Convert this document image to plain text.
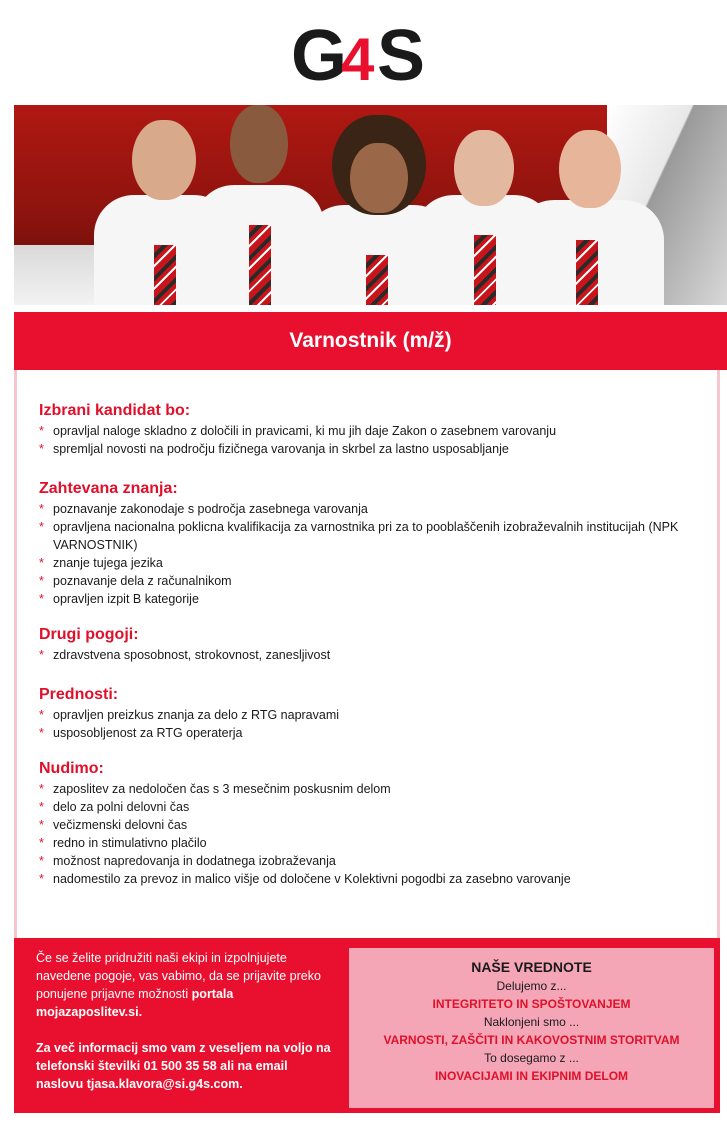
G
4 S
Varnostnik (m/ž)
Izbrani kandidat bo:
* opravljal naloge skladno z določili in pravicami, ki mu jih daje Zakon o zasebnem varovanju
* spremljal novosti na področju fizičnega varovanja in skrbel za lastno usposabljanje
Zahtevana znanja:
* poznavanje zakonodaje s področja zasebnega varovanja
* opravljena nacionalna poklicna kvalifikacija za varnostnika pri za to pooblaščenih izobraževalnih institucijah (NPK VARNOSTNIK)
* znanje tujega jezika
* poznavanje dela z računalnikom
* opravljen izpit B kategorije
Drugi pogoji:
* zdravstvena sposobnost, strokovnost, zanesljivost
Prednosti:
* opravljen preizkus znanja za delo z RTG napravami
* usposobljenost za RTG operaterja
Nudimo:
* zaposlitev za nedoločen čas s 3 mesečnim poskusnim delom
* delo za polni delovni čas
* večizmenski delovni čas
* redno in stimulativno plačilo
* možnost napredovanja in dodatnega izobraževanja
* nadomestilo za prevoz in malico višje od določene v Kolektivni pogodbi za zasebno varovanje
Če se želite pridružiti naši ekipi in izpolnjujete navedene pogoje, vas vabimo, da se prijavite preko ponujene prijavne možnosti portala mojazaposlitev.si.
Za več informacij smo vam z veseljem na voljo na telefonski številki 01 500 35 58 ali na email naslovu tjasa.klavora@si.g4s.com.
NAŠE VREDNOTE
Delujemo z...
INTEGRITETO IN SPOŠTOVANJEM
Naklonjeni smo ...
VARNOSTI, ZAŠČITI IN KAKOVOSTNIM STORITVAM
To dosegamo z ...
INOVACIJAMI IN EKIPNIM DELOM
